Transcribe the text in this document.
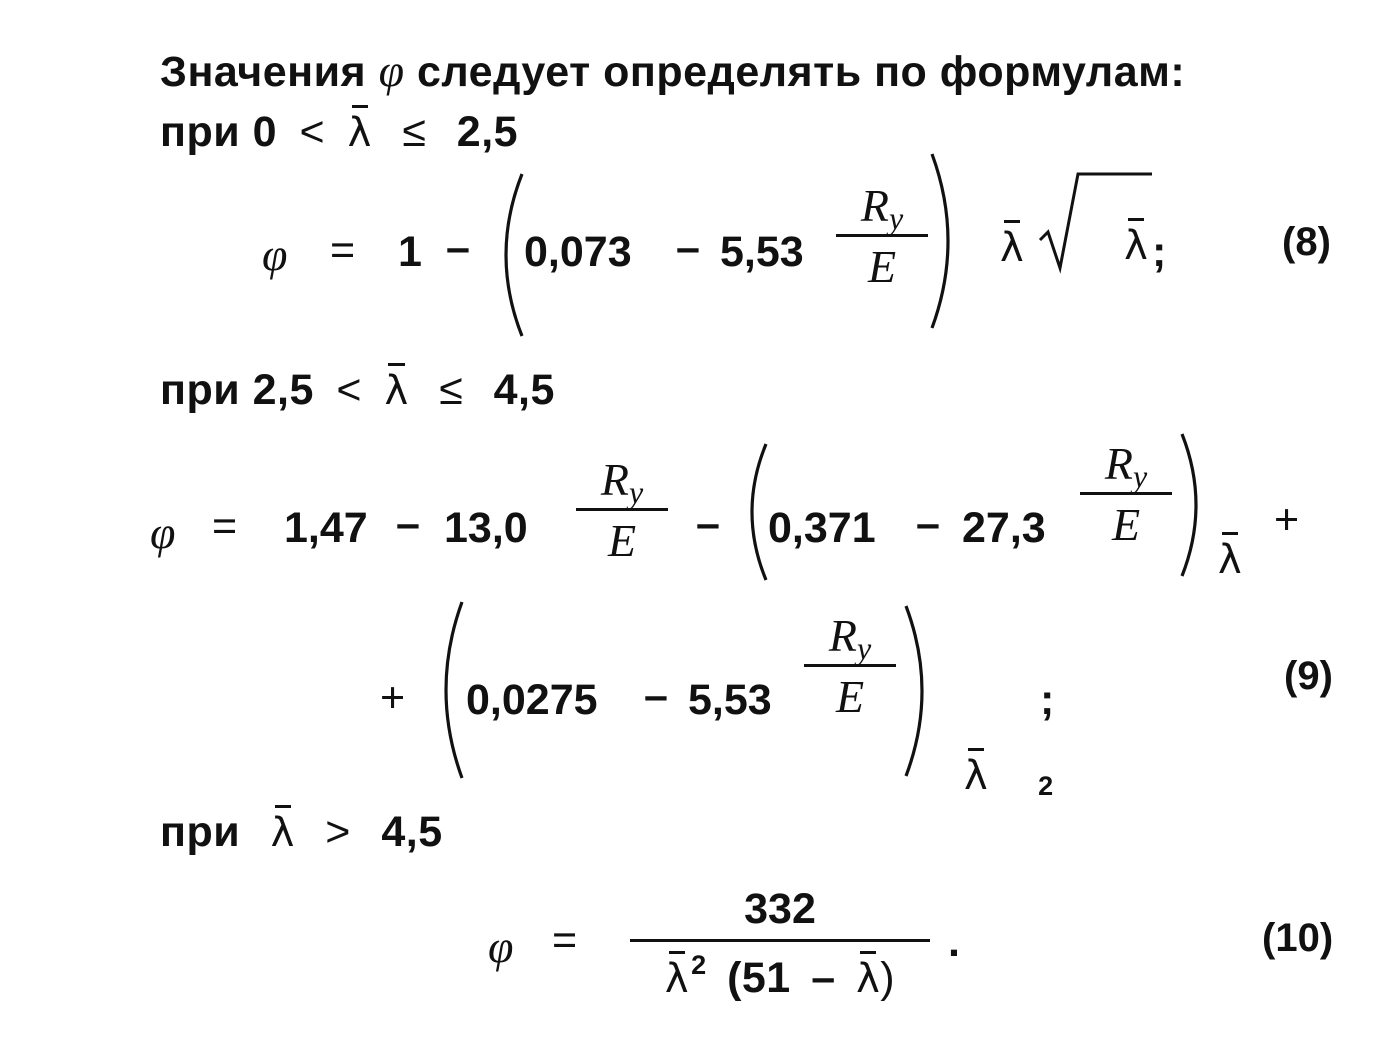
Значения φ следует определять по формулам:
при 0 < λ ≤ 2,5
φ = 1 – 0,073 – 5,53
Ry
E	λ	λ ;	(8)
при 2,5 < λ ≤ 4,5
φ = 1,47 – 13,0
Ry
E – 0,371 – 27,3
Ry
E
λ
+
+ 0,0275 – 5,53
Ry
E
λ 2
;	(9)
при λ > 4,5
φ =
332
$\lambda^2$ (51 – λ)
.	(10)
